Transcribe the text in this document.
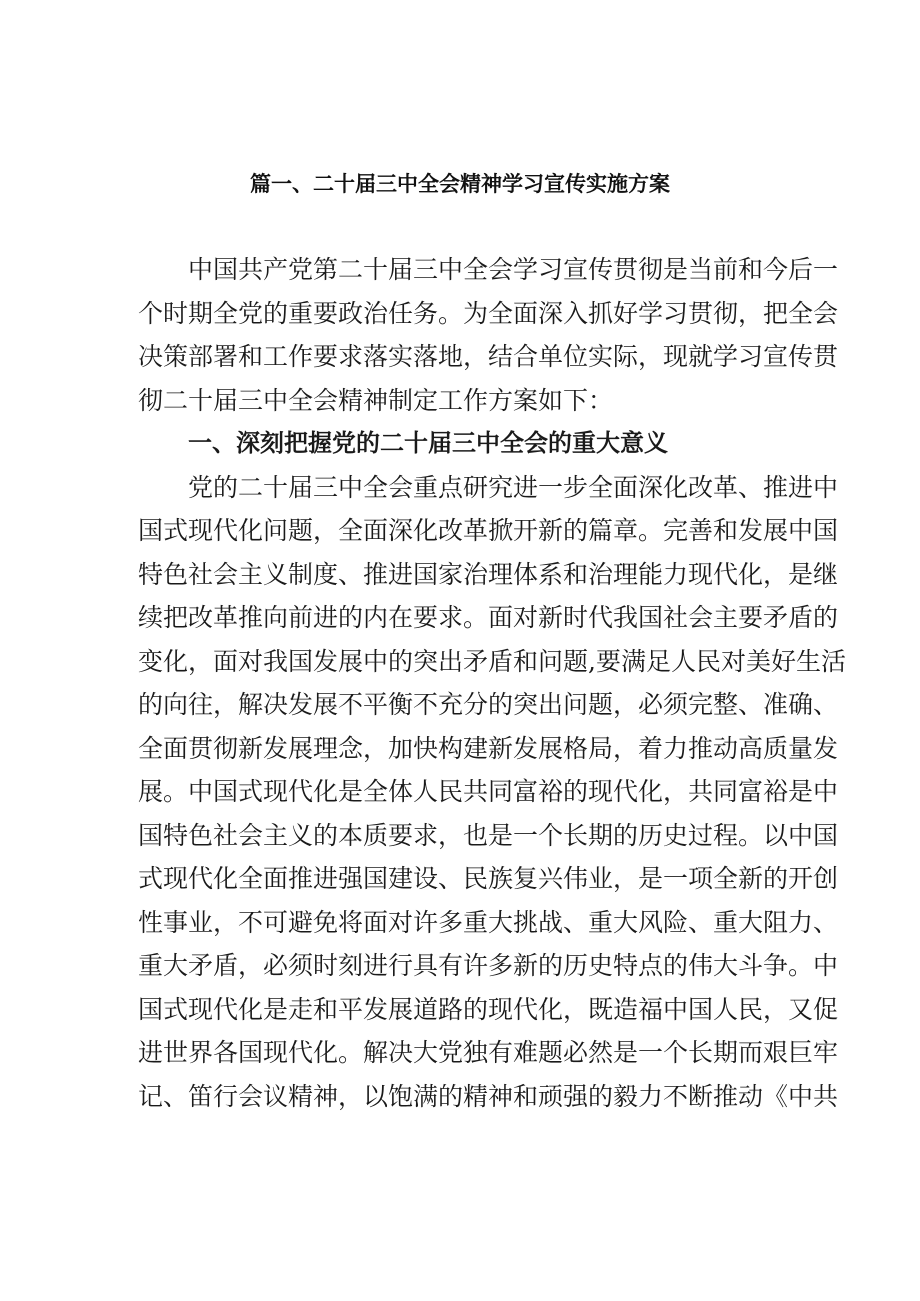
篇一、二十届三中全会精神学习宣传实施方案
中国共产党第二十届三中全会学习宣传贯彻是当前和今后一
个时期全党的重要政治任务。为全面深入抓好学习贯彻，把全会
决策部署和工作要求落实落地，结合单位实际，现就学习宣传贯
彻二十届三中全会精神制定工作方案如下：
一、深刻把握党的二十届三中全会的重大意义
党的二十届三中全会重点研究进一步全面深化改革、推进中
国式现代化问题，全面深化改革掀开新的篇章。完善和发展中国
特色社会主义制度、推进国家治理体系和治理能力现代化，是继
续把改革推向前进的内在要求。面对新时代我国社会主要矛盾的
变化，面对我国发展中的突出矛盾和问题,要满足人民对美好生活
的向往，解决发展不平衡不充分的突出问题，必须完整、准确、
全面贯彻新发展理念，加快构建新发展格局，着力推动高质量发
展。中国式现代化是全体人民共同富裕的现代化，共同富裕是中
国特色社会主义的本质要求，也是一个长期的历史过程。以中国
式现代化全面推进强国建设、民族复兴伟业，是一项全新的开创
性事业，不可避免将面对许多重大挑战、重大风险、重大阻力、
重大矛盾，必须时刻进行具有许多新的历史特点的伟大斗争。中
国式现代化是走和平发展道路的现代化，既造福中国人民，又促
进世界各国现代化。解决大党独有难题必然是一个长期而艰巨牢
记、笛行会议精神，以饱满的精神和顽强的毅力不断推动《中共
